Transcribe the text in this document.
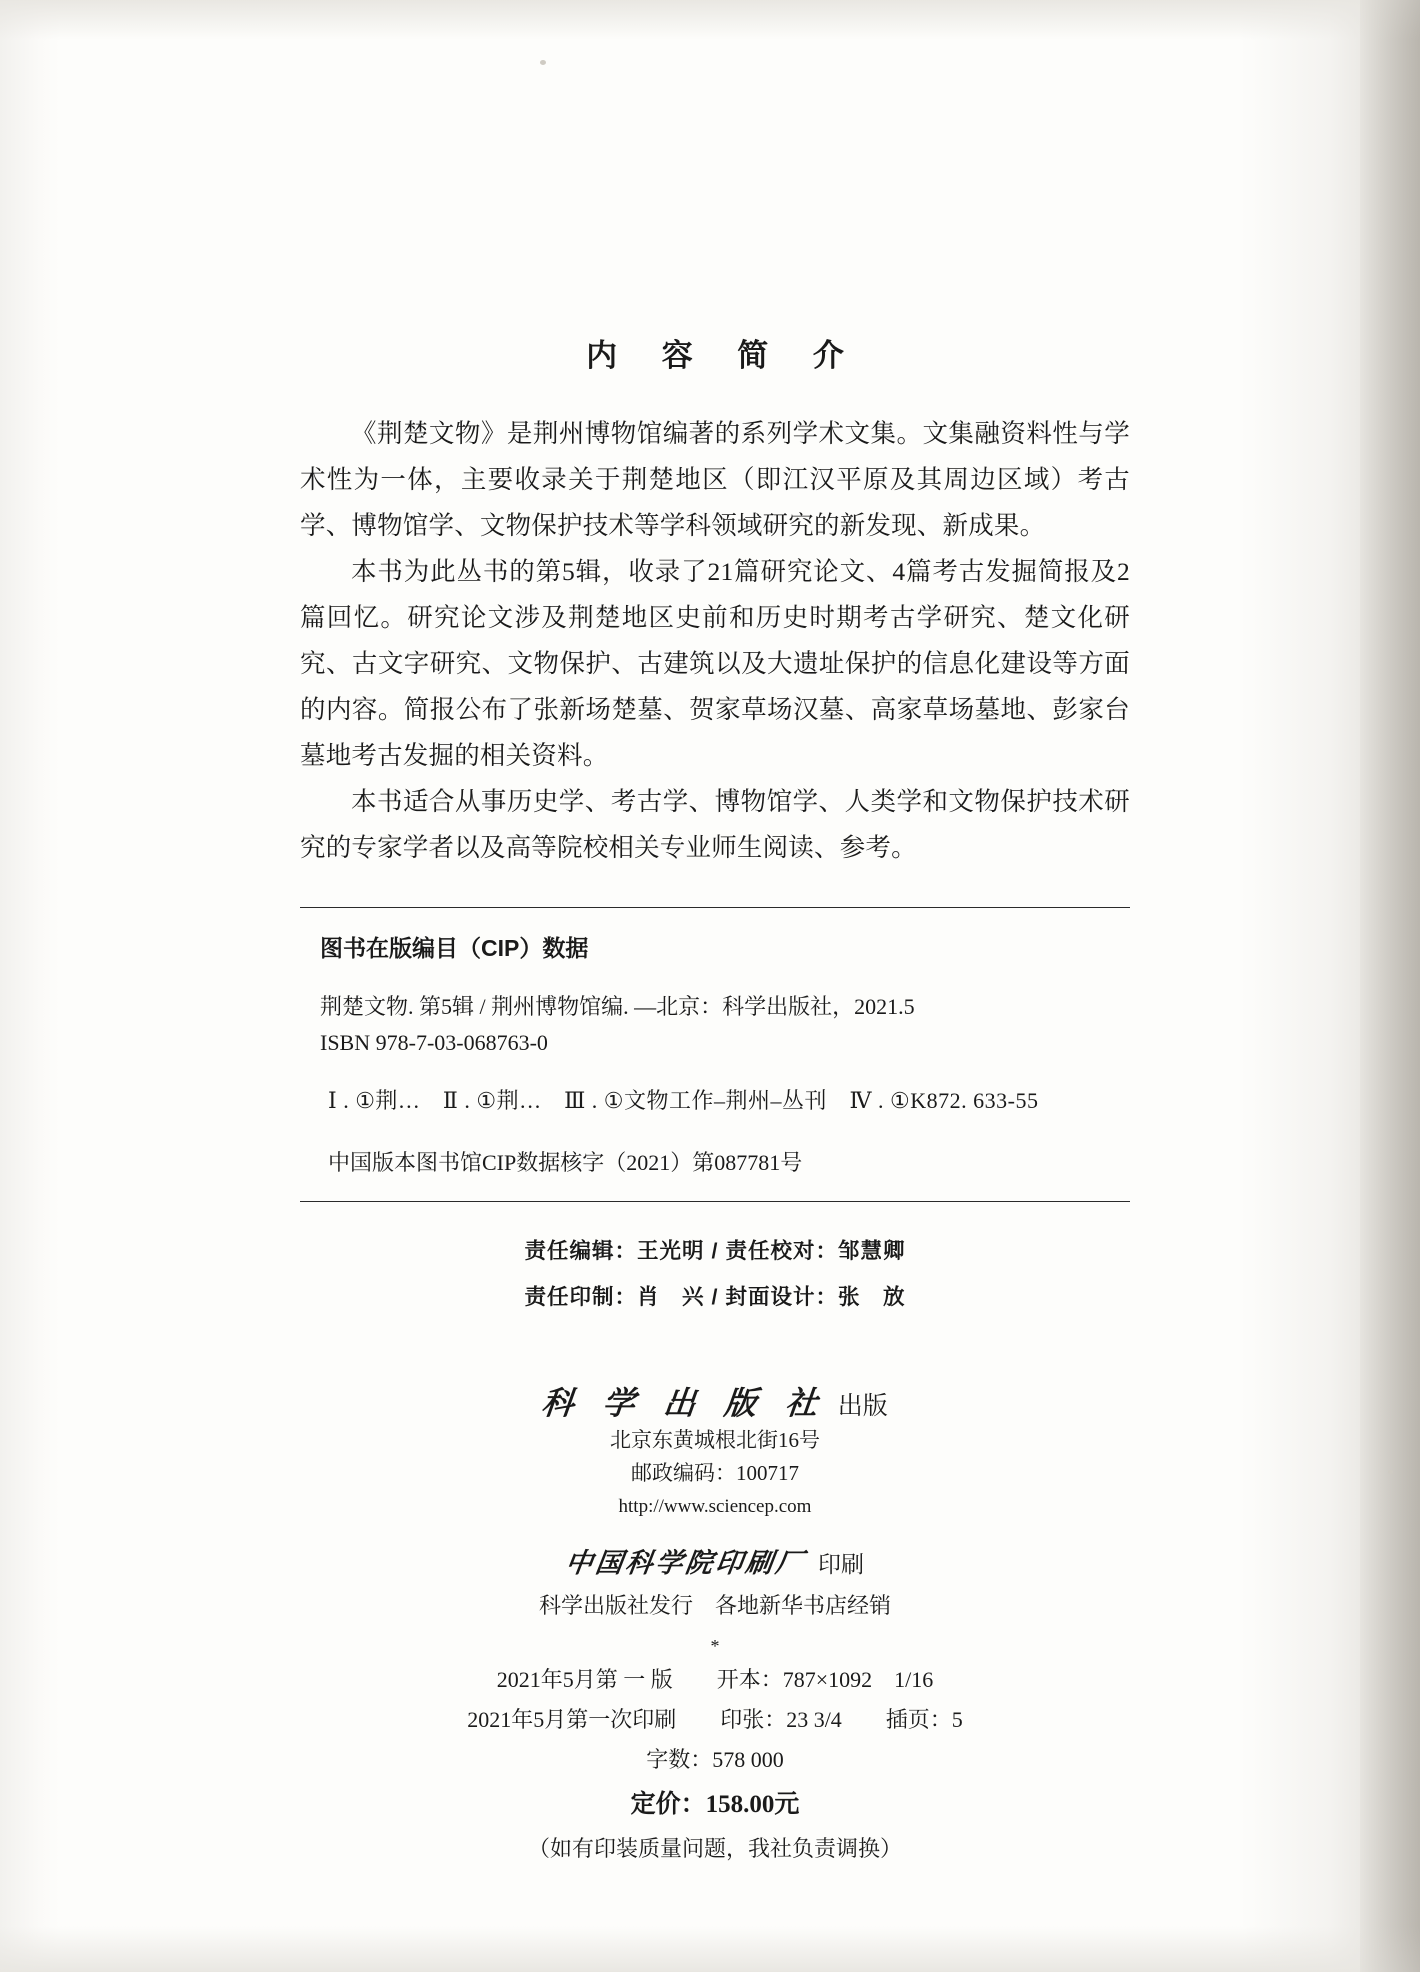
内 容 简 介

《荆楚文物》是荆州博物馆编著的系列学术文集。文集融资料性与学术性为一体，主要收录关于荆楚地区（即江汉平原及其周边区域）考古学、博物馆学、文物保护技术等学科领域研究的新发现、新成果。

本书为此丛书的第5辑，收录了21篇研究论文、4篇考古发掘简报及2篇回忆。研究论文涉及荆楚地区史前和历史时期考古学研究、楚文化研究、古文字研究、文物保护、古建筑以及大遗址保护的信息化建设等方面的内容。简报公布了张新场楚墓、贺家草场汉墓、高家草场墓地、彭家台墓地考古发掘的相关资料。

本书适合从事历史学、考古学、博物馆学、人类学和文物保护技术研究的专家学者以及高等院校相关专业师生阅读、参考。

图书在版编目（CIP）数据
荆楚文物. 第5辑 / 荆州博物馆编. —北京：科学出版社，2021.5
ISBN 978-7-03-068763-0
Ⅰ . ①荆…　Ⅱ . ①荆…　Ⅲ . ①文物工作–荆州–丛刊　Ⅳ . ①K872. 633-55
中国版本图书馆CIP数据核字（2021）第087781号
责任编辑：王光明 / 责任校对：邹慧卿
责任印制：肖　兴 / 封面设计：张　放
科 学 出 版 社 出版
北京东黄城根北街16号
邮政编码：100717
http://www.sciencep.com
中国科学院印刷厂 印刷
科学出版社发行　各地新华书店经销
*
2021年5月第 一 版　　开本：787×1092　1/16
2021年5月第一次印刷　　印张：23 3/4　　插页：5
字数：578 000
定价：158.00元
（如有印装质量问题，我社负责调换）
